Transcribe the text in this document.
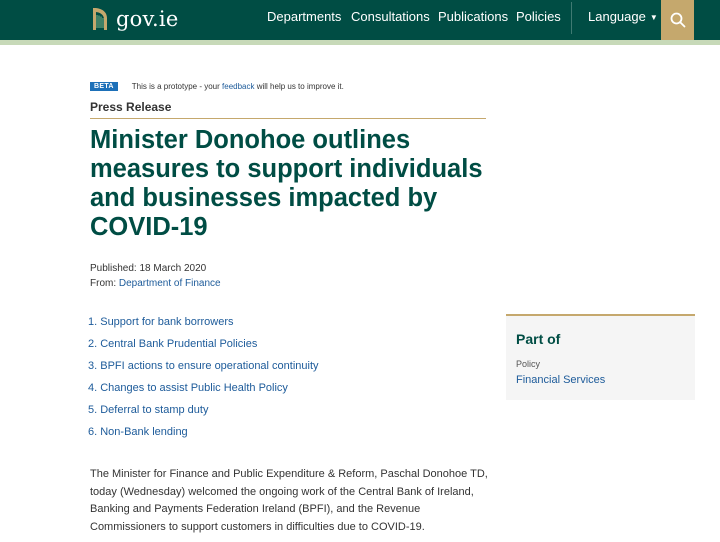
gov.ie	Departments Consultations Publications Policies Language ▼
BETA	This is a prototype - your feedback will help us to improve it.
Press Release
Minister Donohoe outlines measures to support individuals and businesses impacted by COVID-19
Published: 18 March 2020
From: Department of Finance
1. Support for bank borrowers
2. Central Bank Prudential Policies
3. BPFI actions to ensure operational continuity
4. Changes to assist Public Health Policy
5. Deferral to stamp duty
6. Non-Bank lending

The Minister for Finance and Public Expenditure & Reform, Paschal Donohoe TD, today (Wednesday) welcomed the ongoing work of the Central Bank of Ireland, Banking and Payments Federation Ireland (BPFI), and the Revenue Commissioners to support customers in difficulties due to COVID-19.

Part of
Policy
Financial Services
